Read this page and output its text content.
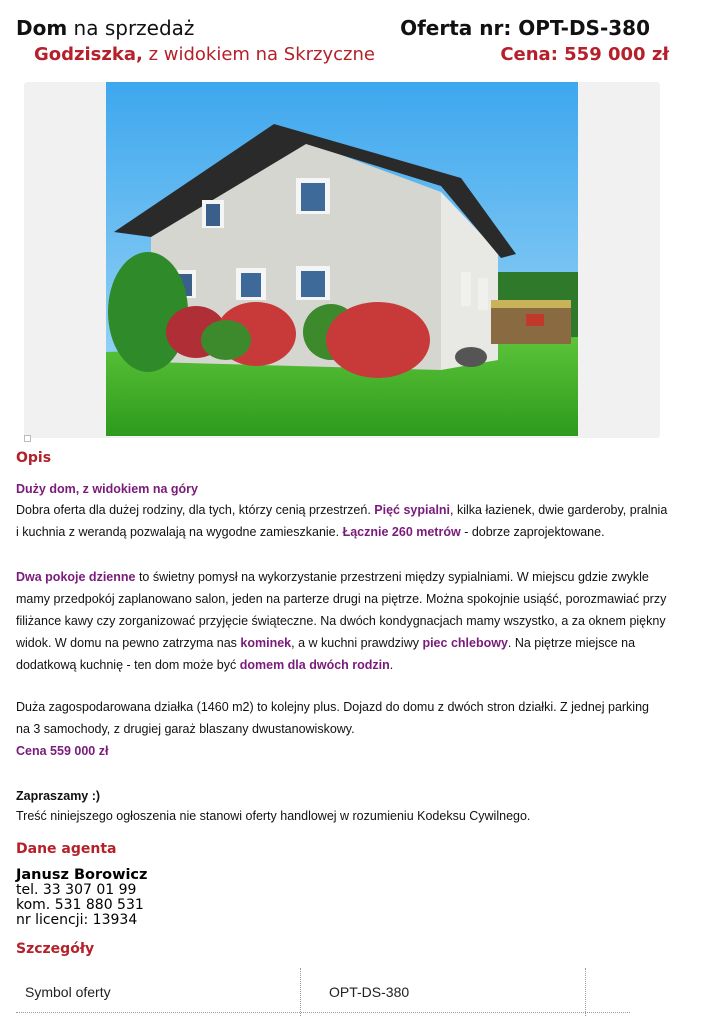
Dom na sprzedaż	Oferta nr: OPT-DS-380
Godziszka, z widokiem na Skrzyczne	Cena: 559 000 zł
Opis
Duży dom, z widokiem na góry
Dobra oferta dla dużej rodziny, dla tych, którzy cenią przestrzeń. Pięć sypialni, kilka łazienek, dwie garderoby, pralnia
i kuchnia z werandą pozwalają na wygodne zamieszkanie. Łącznie 260 metrów - dobrze zaprojektowane.
Dwa pokoje dzienne to świetny pomysł na wykorzystanie przestrzeni między sypialniami. W miejscu gdzie zwykle
mamy przedpokój zaplanowano salon, jeden na parterze drugi na piętrze. Można spokojnie usiąść, porozmawiać przy
filiżance kawy czy zorganizować przyjęcie świąteczne. Na dwóch kondygnacjach mamy wszystko, a za oknem piękny
widok. W domu na pewno zatrzyma nas kominek, a w kuchni prawdziwy piec chlebowy. Na piętrze miejsce na
dodatkową kuchnię - ten dom może być domem dla dwóch rodzin.
Duża zagospodarowana działka (1460 m2) to kolejny plus. Dojazd do domu z dwóch stron działki. Z jednej parking
na 3 samochody, z drugiej garaż blaszany dwustanowiskowy.
Cena 559 000 zł
Zapraszamy :)
Treść niniejszego ogłoszenia nie stanowi oferty handlowej w rozumieniu Kodeksu Cywilnego.
Dane agenta
Janusz Borowicz
tel. 33 307 01 99
kom. 531 880 531
nr licencji: 13934
Szczegóły
Symbol oferty	OPT-DS-380
